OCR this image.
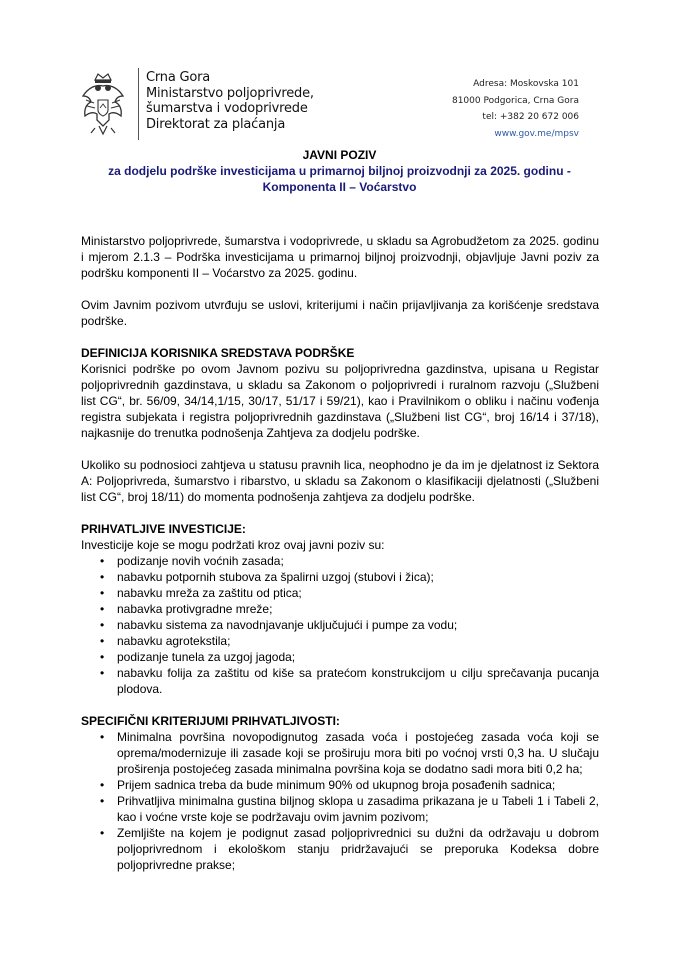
Crna Gora
Ministarstvo poljoprivrede,
šumarstva i vodoprivrede
Direktorat za plaćanja
Adresa: Moskovska 101
81000 Podgorica, Crna Gora
tel: +382 20 672 006
www.gov.me/mpsv
JAVNI POZIV
za dodjelu podrške investicijama u primarnoj biljnoj proizvodnji za 2025. godinu -
Komponenta II – Voćarstvo

Ministarstvo poljoprivrede, šumarstva i vodoprivrede, u skladu sa Agrobudžetom za 2025. godinu i mjerom 2.1.3 – Podrška investicijama u primarnoj biljnoj proizvodnji, objavljuje Javni poziv za podršku komponenti II – Voćarstvo za 2025. godinu.

Ovim Javnim pozivom utvrđuju se uslovi, kriterijumi i način prijavljivanja za korišćenje sredstava podrške.

DEFINICIJA KORISNIKA SREDSTAVA PODRŠKE

Korisnici podrške po ovom Javnom pozivu su poljoprivredna gazdinstva, upisana u Registar poljoprivrednih gazdinstava, u skladu sa Zakonom o poljoprivredi i ruralnom razvoju („Službeni list CG“, br. 56/09, 34/14,1/15, 30/17, 51/17 i 59/21), kao i Pravilnikom o obliku i načinu vođenja registra subjekata i registra poljoprivrednih gazdinstava („Službeni list CG“, broj 16/14 i 37/18), najkasnije do trenutka podnošenja Zahtjeva za dodjelu podrške.

Ukoliko su podnosioci zahtjeva u statusu pravnih lica, neophodno je da im je djelatnost iz Sektora A: Poljoprivreda, šumarstvo i ribarstvo, u skladu sa Zakonom o klasifikaciji djelatnosti („Službeni list CG“, broj 18/11) do momenta podnošenja zahtjeva za dodjelu podrške.

PRIHVATLJIVE INVESTICIJE:
Investicije koje se mogu podržati kroz ovaj javni poziv su:
• podizanje novih voćnih zasada;
• nabavku potpornih stubova za špalirni uzgoj (stubovi i žica);
• nabavku mreža za zaštitu od ptica;
• nabavka protivgradne mreže;
• nabavku sistema za navodnjavanje uključujući i pumpe za vodu;
• nabavku agrotekstila;
• podizanje tunela za uzgoj jagoda;
• nabavku folija za zaštitu od kiše sa pratećom konstrukcijom u cilju sprečavanja pucanja plodova.
SPECIFIČNI KRITERIJUMI PRIHVATLJIVOSTI:
• Minimalna površina novopodignutog zasada voća i postojećeg zasada voća koji se oprema/modernizuje ili zasade koji se proširuju mora biti po voćnoj vrsti 0,3 ha. U slučaju proširenja postojećeg zasada minimalna površina koja se dodatno sadi mora biti 0,2 ha;
• Prijem sadnica treba da bude minimum 90% od ukupnog broja posađenih sadnica;
• Prihvatljiva minimalna gustina biljnog sklopa u zasadima prikazana je u Tabeli 1 i Tabeli 2, kao i voćne vrste koje se podržavaju ovim javnim pozivom;
• Zemljište na kojem je podignut zasad poljoprivrednici su dužni da održavaju u dobrom poljoprivrednom i ekološkom stanju pridržavajući se preporuka Kodeksa dobre poljoprivredne prakse;
